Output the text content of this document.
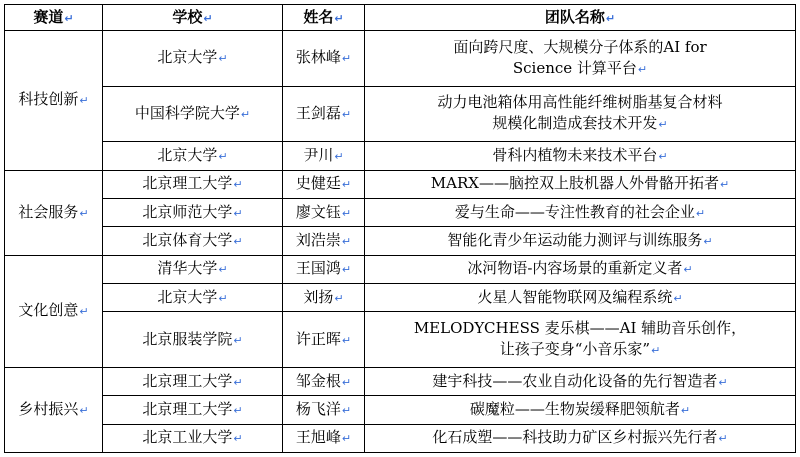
赛道↵	学校↵	姓名↵	团队名称↵
科技创新↵	北京大学↵	张林峰↵	面向跨尺度、大规模分子体系的AI for
Science 计算平台↵

	中国科学院大学↵	王剑磊↵	动力电池箱体用高性能纤维树脂基复合材料
规模化制造成套技术开发↵

	北京大学↵	尹川↵	骨科内植物未来技术平台↵

社会服务↵	北京理工大学↵	史健廷↵	MARX——脑控双上肢机器人外骨骼开拓者↵

	北京师范大学↵	廖文钰↵	爱与生命——专注性教育的社会企业↵

	北京体育大学↵	刘浩崇↵	智能化青少年运动能力测评与训练服务↵

文化创意↵	清华大学↵	王国鸿↵	冰河物语-内容场景的重新定义者↵

	北京大学↵	刘扬↵	火星人智能物联网及编程系统↵

	北京服装学院↵	许正晖↵	MELODYCHESS 麦乐棋——AI 辅助音乐创作，
让孩子变身“小音乐家”↵

乡村振兴↵	北京理工大学↵	邹金根↵	建宇科技——农业自动化设备的先行智造者↵

	北京理工大学↵	杨飞洋↵	碳魔粒——生物炭缓释肥领航者↵

	北京工业大学↵	王旭峰↵	化石成塑——科技助力矿区乡村振兴先行者↵
